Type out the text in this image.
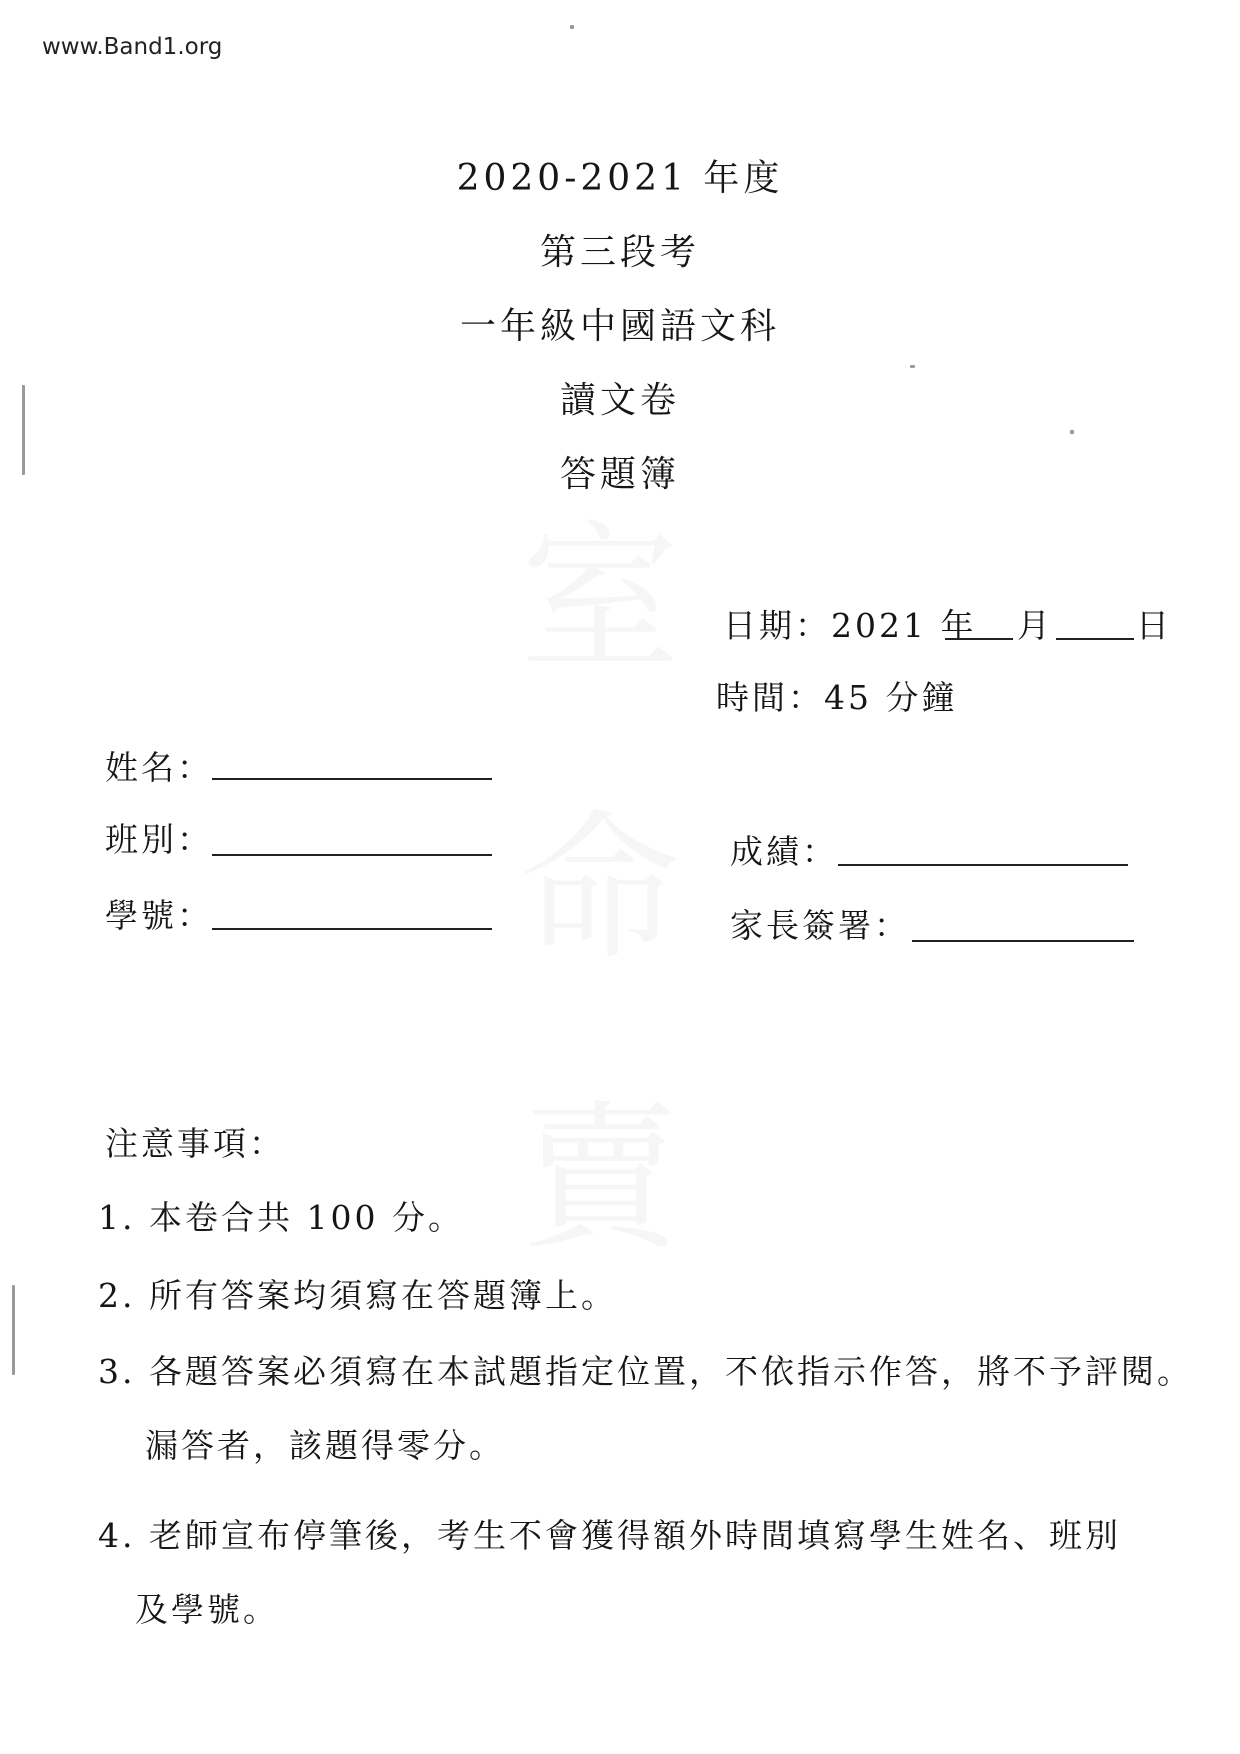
www.Band1.org
2020-2021 年度
第三段考
一年級中國語文科
讀文卷
答題簿
日期：2021 年 月	日
時間：45 分鐘
姓名：
班別：
學號：
成績：
家長簽署：
注意事項：
1. 本卷合共 100 分。
2. 所有答案均須寫在答題簿上。
3. 各題答案必須寫在本試題指定位置，不依指示作答，將不予評閱。
漏答者，該題得零分。
4. 老師宣布停筆後，考生不會獲得額外時間填寫學生姓名、班別
及學號。
